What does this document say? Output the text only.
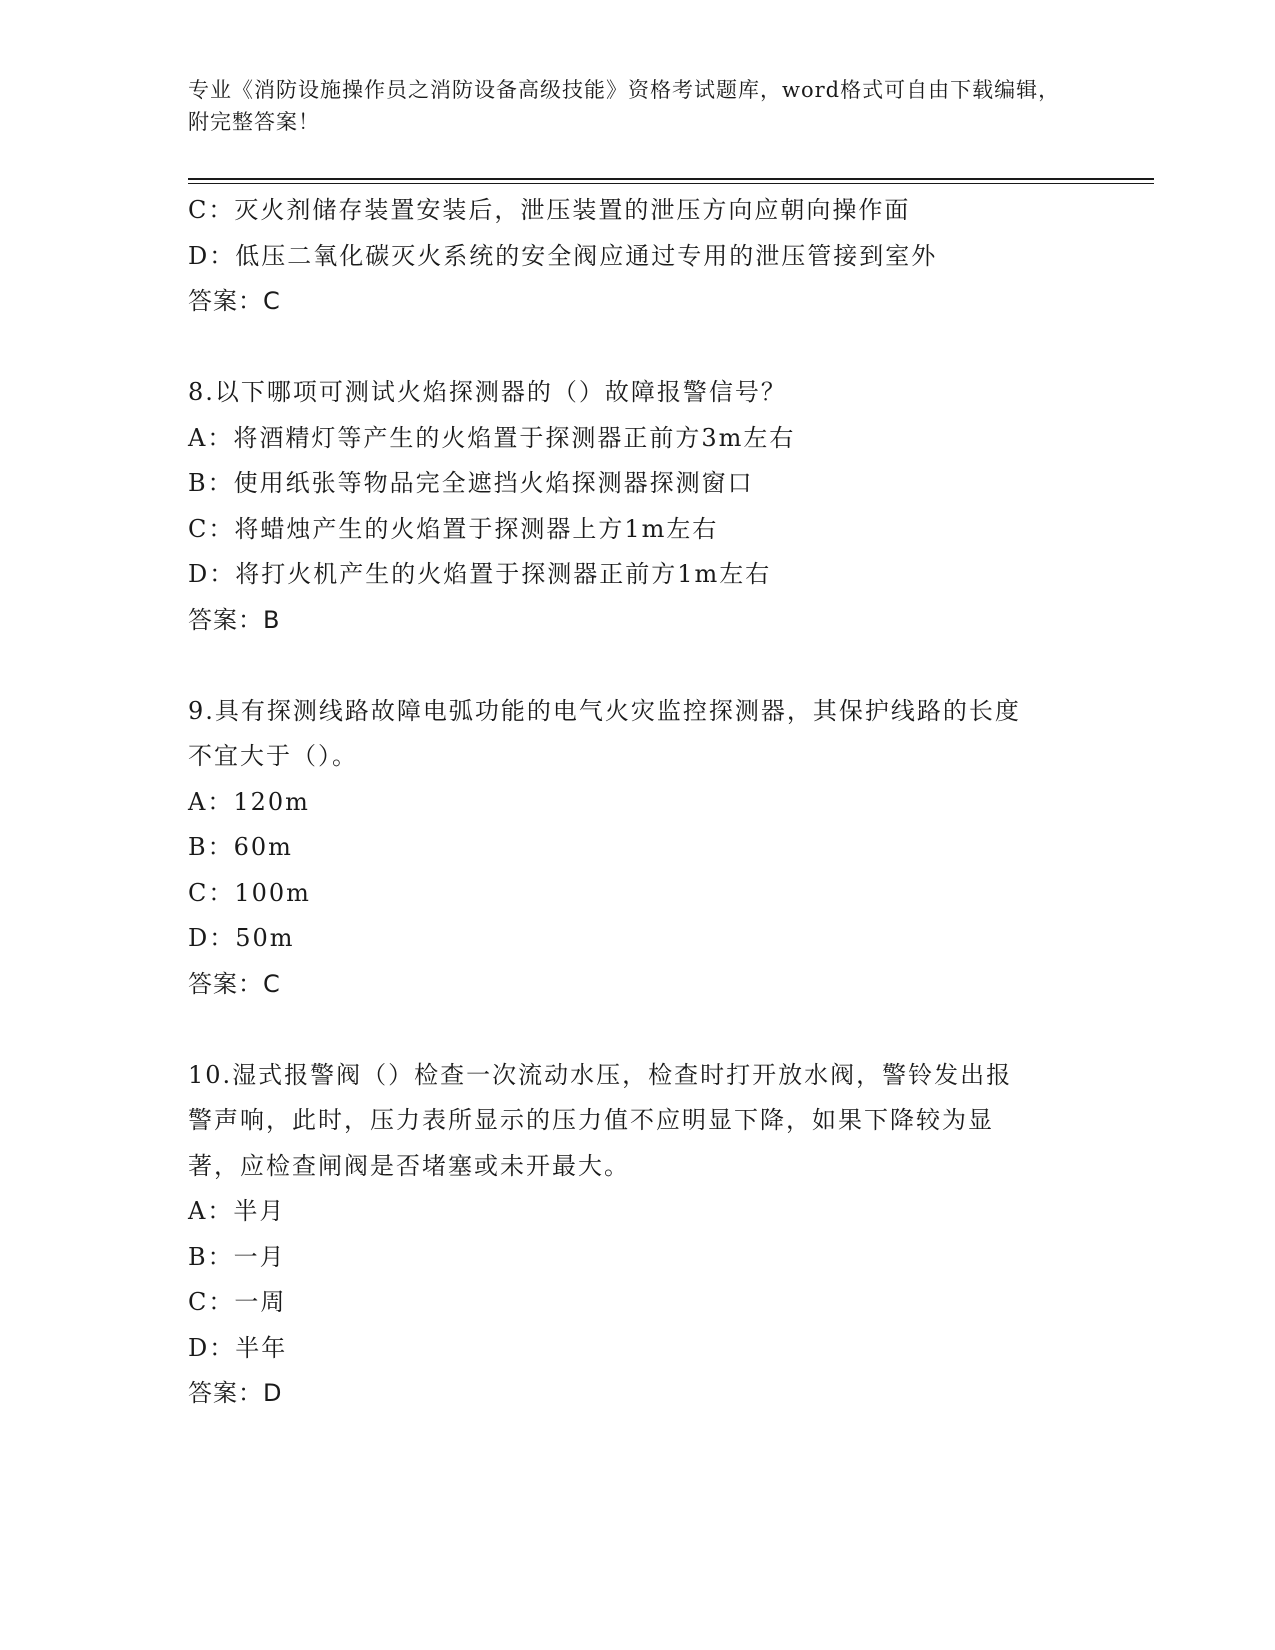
专业《消防设施操作员之消防设备高级技能》资格考试题库，word格式可自由下载编辑，附完整答案！
C：灭火剂储存装置安装后，泄压装置的泄压方向应朝向操作面
D：低压二氧化碳灭火系统的安全阀应通过专用的泄压管接到室外
答案：C
8.以下哪项可测试火焰探测器的（）故障报警信号？
A：将酒精灯等产生的火焰置于探测器正前方3m左右
B：使用纸张等物品完全遮挡火焰探测器探测窗口
C：将蜡烛产生的火焰置于探测器上方1m左右
D：将打火机产生的火焰置于探测器正前方1m左右
答案：B
9.具有探测线路故障电弧功能的电气火灾监控探测器，其保护线路的长度不宜大于（）。
A：120m
B：60m
C：100m
D：50m
答案：C
10.湿式报警阀（）检查一次流动水压，检查时打开放水阀，警铃发出报警声响，此时，压力表所显示的压力值不应明显下降，如果下降较为显著，应检查闸阀是否堵塞或未开最大。
A：半月
B：一月
C：一周
D：半年
答案：D
